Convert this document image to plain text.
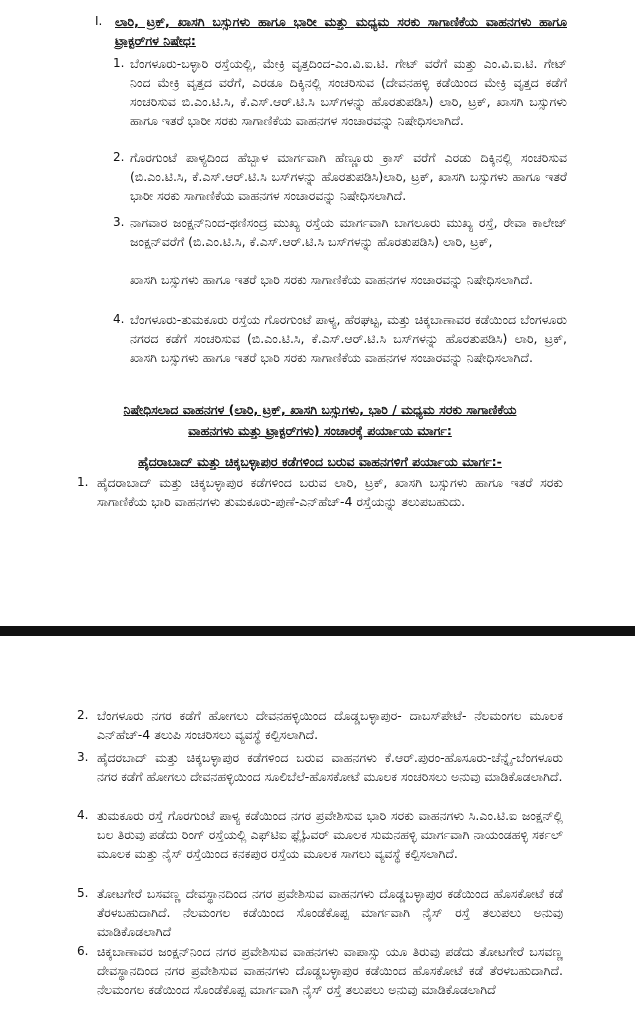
I. ಲಾರಿ, ಟ್ರಕ್, ಖಾಸಗಿ ಬಸ್ಸುಗಳು ಹಾಗೂ ಭಾರೀ ಮತ್ತು ಮಧ್ಯಮ ಸರಕು ಸಾಗಾಣಿಕೆಯ ವಾಹನಗಳು ಹಾಗೂ ಟ್ರಾಕ್ಟರ್‌ಗಳ ನಿಷೇಧ:
1. ಬೆಂಗಳೂರು-ಬಳ್ಳಾರಿ ರಸ್ತೆಯಲ್ಲಿ, ಮೇಕ್ರಿ ವೃತ್ತದಿಂದ-ಎಂ.ವಿ.ಐ.ಟಿ. ಗೇಟ್ ವರೆಗೆ ಮತ್ತು ಎಂ.ವಿ.ಐ.ಟಿ. ಗೇಟ್ ನಿಂದ ಮೇಕ್ರಿ ವೃತ್ತದ ವರೆಗೆ, ಎರಡೂ ದಿಕ್ಕಿನಲ್ಲಿ ಸಂಚರಿಸುವ (ದೇವನಹಳ್ಳಿ ಕಡೆಯಿಂದ ಮೇಕ್ರಿ ವೃತ್ತದ ಕಡೆಗೆ ಸಂಚರಿಸುವ ಬಿ.ಎಂ.ಟಿ.ಸಿ, ಕೆ.ಎಸ್.ಆರ್.ಟಿ.ಸಿ ಬಸ್‌ಗಳನ್ನು ಹೊರತುಪಡಿಸಿ) ಲಾರಿ, ಟ್ರಕ್, ಖಾಸಗಿ ಬಸ್ಸುಗಳು ಹಾಗೂ ಇತರೆ ಭಾರೀ ಸರಕು ಸಾಗಾಣಿಕೆಯ ವಾಹನಗಳ ಸಂಚಾರವನ್ನು ನಿಷೇಧಿಸಲಾಗಿದೆ.
2. ಗೊರಗುಂಟೆ ಪಾಳ್ಯದಿಂದ ಹೆಬ್ಬಾಳ ಮಾರ್ಗವಾಗಿ ಹೆಣ್ಣೂರು ಕ್ರಾಸ್ ವರೆಗೆ ಎರಡು ದಿಕ್ಕಿನಲ್ಲಿ ಸಂಚರಿಸುವ (ಬಿ.ಎಂ.ಟಿ.ಸಿ, ಕೆ.ಎಸ್.ಆರ್.ಟಿ.ಸಿ ಬಸ್‌ಗಳನ್ನು ಹೊರತುಪಡಿಸಿ)ಲಾರಿ, ಟ್ರಕ್, ಖಾಸಗಿ ಬಸ್ಸುಗಳು ಹಾಗೂ ಇತರೆ ಭಾರೀ ಸರಕು ಸಾಗಾಣಿಕೆಯ ವಾಹನಗಳ ಸಂಚಾರವನ್ನು ನಿಷೇಧಿಸಲಾಗಿದೆ.
3. ನಾಗವಾರ ಜಂಕ್ಷನ್‌ನಿಂದ-ಥಣಿಸಂದ್ರ ಮುಖ್ಯ ರಸ್ತೆಯ ಮಾರ್ಗವಾಗಿ ಬಾಗಲೂರು ಮುಖ್ಯ ರಸ್ತೆ, ರೇವಾ ಕಾಲೇಜ್ ಜಂಕ್ಷನ್‌ವರೆಗೆ (ಬಿ.ಎಂ.ಟಿ.ಸಿ, ಕೆ.ಎಸ್.ಆರ್.ಟಿ.ಸಿ ಬಸ್‌ಗಳನ್ನು ಹೊರತುಪಡಿಸಿ) ಲಾರಿ, ಟ್ರಕ್,
ಖಾಸಗಿ ಬಸ್ಸುಗಳು ಹಾಗೂ ಇತರೆ ಭಾರಿ ಸರಕು ಸಾಗಾಣಿಕೆಯ ವಾಹನಗಳ ಸಂಚಾರವನ್ನು ನಿಷೇಧಿಸಲಾಗಿದೆ.
4. ಬೆಂಗಳೂರು-ತುಮಕೂರು ರಸ್ತೆಯ ಗೊರಗುಂಟೆ ಪಾಳ್ಯ, ಹೆರಘಟ್ಟ, ಮತ್ತು ಚಿಕ್ಕಬಾಣಾವರ ಕಡೆಯಿಂದ ಬೆಂಗಳೂರು ನಗರದ ಕಡೆಗೆ ಸಂಚರಿಸುವ (ಬಿ.ಎಂ.ಟಿ.ಸಿ, ಕೆ.ಎಸ್.ಆರ್.ಟಿ.ಸಿ ಬಸ್‌ಗಳನ್ನು ಹೊರತುಪಡಿಸಿ) ಲಾರಿ, ಟ್ರಕ್, ಖಾಸಗಿ ಬಸ್ಸುಗಳು ಹಾಗೂ ಇತರೆ ಭಾರಿ ಸರಕು ಸಾಗಾಣಿಕೆಯ ವಾಹನಗಳ ಸಂಚಾರವನ್ನು ನಿಷೇಧಿಸಲಾಗಿದೆ.
ನಿಷೇಧಿಸಲಾದ ವಾಹನಗಳ (ಲಾರಿ, ಟ್ರಕ್, ಖಾಸಗಿ ಬಸ್ಸುಗಳು, ಭಾರಿ / ಮಧ್ಯಮ ಸರಕು ಸಾಗಾಣಿಕೆಯ
ವಾಹನಗಳು ಮತ್ತು ಟ್ರಾಕ್ಟರ್‌ಗಳು) ಸಂಚಾರಕ್ಕೆ ಪರ್ಯಾಯ ಮಾರ್ಗ:
ಹೈದರಾಬಾದ್ ಮತ್ತು ಚಿಕ್ಕಬಳ್ಳಾಪುರ ಕಡೆಗಳಿಂದ ಬರುವ ವಾಹನಗಳಿಗೆ ಪರ್ಯಾಯ ಮಾರ್ಗ:-
1. ಹೈದರಾಬಾದ್ ಮತ್ತು ಚಿಕ್ಕಬಳ್ಳಾಪುರ ಕಡೆಗಳಿಂದ ಬರುವ ಲಾರಿ, ಟ್ರಕ್, ಖಾಸಗಿ ಬಸ್ಸುಗಳು ಹಾಗೂ ಇತರೆ ಸರಕು ಸಾಗಾಣಿಕೆಯ ಭಾರಿ ವಾಹನಗಳು ತುಮಕೂರು-ಪುಣೆ-ಎನ್‌ಹೆಚ್-4 ರಸ್ತೆಯನ್ನು ತಲುಪಬಹುದು.
2. ಬೆಂಗಳೂರು ನಗರ ಕಡೆಗೆ ಹೋಗಲು ದೇವನಹಳ್ಳಿಯಿಂದ ದೊಡ್ಡಬಳ್ಳಾಪುರ- ದಾಬಸ್‌ಪೇಟೆ- ನೆಲಮಂಗಲ ಮೂಲಕ ಎನ್‌ಹೆಚ್-4 ತಲುಪಿ ಸಂಚರಿಸಲು ವ್ಯವಸ್ಥೆ ಕಲ್ಪಿಸಲಾಗಿದೆ.
3. ಹೈದರಬಾದ್ ಮತ್ತು ಚಿಕ್ಕಬಳ್ಳಾಪುರ ಕಡೆಗಳಿಂದ ಬರುವ ವಾಹನಗಳು ಕೆ.ಆರ್.ಪುರಂ-ಹೊಸೂರು-ಚೆನ್ನೈ-ಬೆಂಗಳೂರು ನಗರ ಕಡೆಗೆ ಹೋಗಲು ದೇವನಹಳ್ಳಿಯಿಂದ ಸೂಲಿಬೆಲೆ-ಹೊಸಕೋಟೆ ಮೂಲಕ ಸಂಚರಿಸಲು ಅನುವು ಮಾಡಿಕೊಡಲಾಗಿದೆ.
4. ತುಮಕೂರು ರಸ್ತೆ ಗೊರಗುಂಟೆ ಪಾಳ್ಯ ಕಡೆಯಿಂದ ನಗರ ಪ್ರವೇಶಿಸುವ ಭಾರಿ ಸರಕು ವಾಹನಗಳು ಸಿ.ಎಂ.ಟಿ.ಐ ಜಂಕ್ಷನ್‌ಲ್ಲಿ ಬಲ ತಿರುವು ಪಡೆದು ರಿಂಗ್ ರಸ್ತೆಯಲ್ಲಿ ಎಫ್‌ಟಿಐ ಫ್ಲೈಓವರ್ ಮೂಲಕ ಸುಮನಹಳ್ಳಿ ಮಾರ್ಗವಾಗಿ ನಾಯಂಡಹಳ್ಳಿ ಸರ್ಕಲ್ ಮೂಲಕ ಮತ್ತು ನೈಸ್ ರಸ್ತೆಯಿಂದ ಕನಕಪುರ ರಸ್ತೆಯ ಮೂಲಕ ಸಾಗಲು ವ್ಯವಸ್ಥೆ ಕಲ್ಪಿಸಲಾಗಿದೆ.
5. ತೋಟಗೇರೆ ಬಸವಣ್ಣ ದೇವಸ್ಥಾನದಿಂದ ನಗರ ಪ್ರವೇಶಿಸುವ ವಾಹನಗಳು ದೊಡ್ಡಬಳ್ಳಾಪುರ ಕಡೆಯಿಂದ ಹೊಸಕೋಟೆ ಕಡೆ ತೆರಳಬಹುದಾಗಿದೆ. ನೆಲಮಂಗಲ ಕಡೆಯಿಂದ ಸೊಂಡೆಕೊಪ್ಪ ಮಾರ್ಗವಾಗಿ ನೈಸ್ ರಸ್ತೆ ತಲುಪಲು ಅನುವು ಮಾಡಿಕೊಡಲಾಗಿದೆ
6. ಚಿಕ್ಕಬಾಣಾವರ ಜಂಕ್ಷನ್‌ನಿಂದ ನಗರ ಪ್ರವೇಶಿಸುವ ವಾಹನಗಳು ವಾಪಾಸ್ಸು ಯೂ ತಿರುವು ಪಡೆದು ತೋಟಗೇರೆ ಬಸವಣ್ಣ ದೇವಸ್ಥಾನದಿಂದ ನಗರ ಪ್ರವೇಶಿಸುವ ವಾಹನಗಳು ದೊಡ್ಡಬಳ್ಳಾಪುರ ಕಡೆಯಿಂದ ಹೊಸಕೋಟೆ ಕಡೆ ತೆರಳಬಹುದಾಗಿದೆ. ನೆಲಮಂಗಲ ಕಡೆಯಿಂದ ಸೊಂಡೆಕೊಪ್ಪ ಮಾರ್ಗವಾಗಿ ನೈಸ್ ರಸ್ತೆ ತಲುಪಲು ಅನುವು ಮಾಡಿಕೊಡಲಾಗಿದೆ
